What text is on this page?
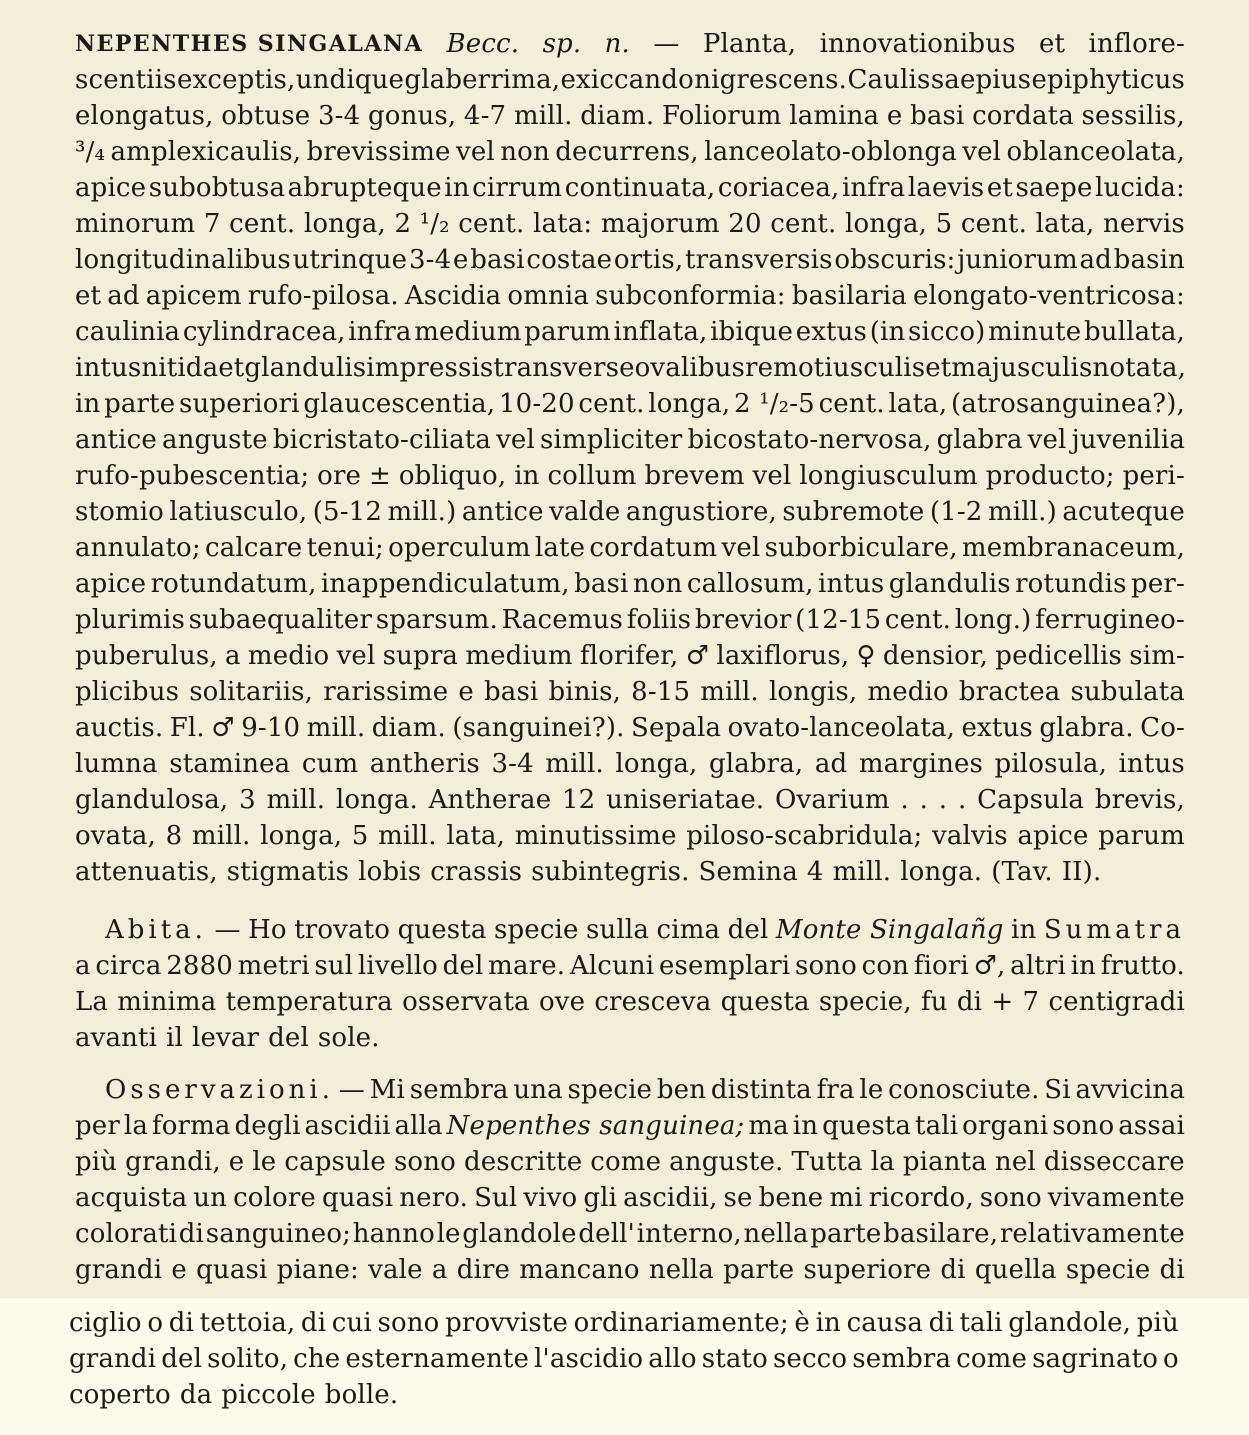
NEPENTHES SINGALANA Becc. sp. n. — Planta, innovationibus et inflore-
scentiis exceptis, undique glaberrima, exiccando nigrescens. Caulis saepius epiphyticus
elongatus, obtuse 3-4 gonus, 4-7 mill. diam. Foliorum lamina e basi cordata sessilis,
³/₄ amplexicaulis, brevissime vel non decurrens, lanceolato-oblonga vel oblanceolata,
apice subobtusa abrupteque in cirrum continuata, coriacea, infra laevis et saepe lucida:
minorum 7 cent. longa, 2 ¹/₂ cent. lata: majorum 20 cent. longa, 5 cent. lata, nervis
longitudinalibus utrinque 3-4 e basi costae ortis, transversis obscuris: juniorum ad basin
et ad apicem rufo-pilosa. Ascidia omnia subconformia: basilaria elongato-ventricosa:
caulinia cylindracea, infra medium parum inflata, ibique extus (in sicco) minute bullata,
intus nitida et glandulis impressis transverse ovalibus remotiusculis et majusculis notata,
in parte superiori glaucescentia, 10-20 cent. longa, 2 ¹/₂-5 cent. lata, (atrosanguinea?),
antice anguste bicristato-ciliata vel simpliciter bicostato-nervosa, glabra vel juvenilia
rufo-pubescentia; ore ± obliquo, in collum brevem vel longiusculum producto; peri-
stomio latiusculo, (5-12 mill.) antice valde angustiore, subremote (1-2 mill.) acuteque
annulato; calcare tenui; operculum late cordatum vel suborbiculare, membranaceum,
apice rotundatum, inappendiculatum, basi non callosum, intus glandulis rotundis per-
plurimis subaequaliter sparsum. Racemus foliis brevior (12-15 cent. long.) ferrugineo-
puberulus, a medio vel supra medium florifer, ♂ laxiflorus, ♀ densior, pedicellis sim-
plicibus solitariis, rarissime e basi binis, 8-15 mill. longis, medio bractea subulata
auctis. Fl. ♂ 9-10 mill. diam. (sanguinei?). Sepala ovato-lanceolata, extus glabra. Co-
lumna staminea cum antheris 3-4 mill. longa, glabra, ad margines pilosula, intus
glandulosa, 3 mill. longa. Antherae 12 uniseriatae. Ovarium . . . . Capsula brevis,
ovata, 8 mill. longa, 5 mill. lata, minutissime piloso-scabridula; valvis apice parum
attenuatis, stigmatis lobis crassis subintegris. Semina 4 mill. longa. (Tav. II).
Abita. — Ho trovato questa specie sulla cima del Monte Singalañg in Sumatra
a circa 2880 metri sul livello del mare. Alcuni esemplari sono con fiori ♂, altri in frutto.
La minima temperatura osservata ove cresceva questa specie, fu di + 7 centigradi
avanti il levar del sole.
Osservazioni. — Mi sembra una specie ben distinta fra le conosciute. Si avvicina
per la forma degli ascidii alla Nepenthes sanguinea; ma in questa tali organi sono assai
più grandi, e le capsule sono descritte come anguste. Tutta la pianta nel disseccare
acquista un colore quasi nero. Sul vivo gli ascidii, se bene mi ricordo, sono vivamente
colorati di sanguineo; hanno le glandole dell' interno, nella parte basilare, relativamente
grandi e quasi piane: vale a dire mancano nella parte superiore di quella specie di
ciglio o di tettoia, di cui sono provviste ordinariamente; è in causa di tali glandole, più
grandi del solito, che esternamente l'ascidio allo stato secco sembra come sagrinato o
coperto da piccole bolle.
